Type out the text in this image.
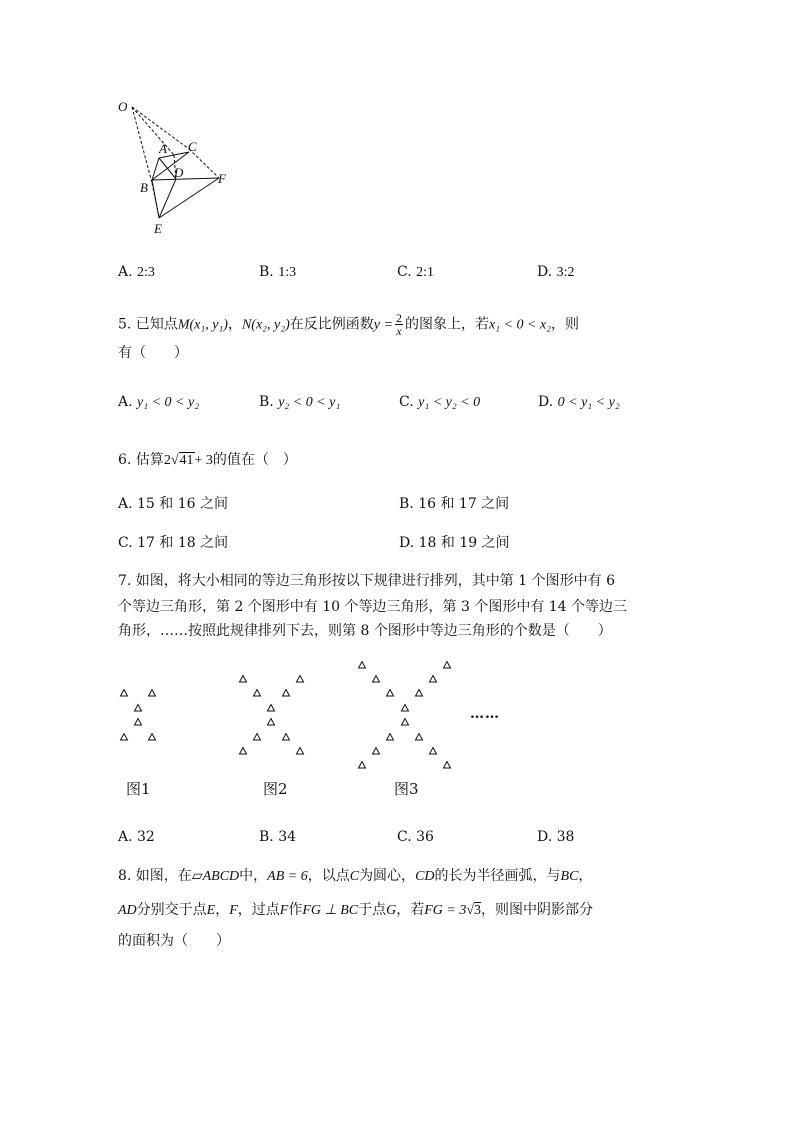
O
A C
B
D	F
E
A. 2:3	B. 1:3	C. 2:1	D. 3:2
5. 已知点M(x₁, y₁)，N(x₂, y₂)在反比例函数$y = \frac{2}{x}$ 的图象上，若x₁ < 0 < x₂，则
有（　　）
A. y₁ < 0 < y₂	B. y₂ < 0 < y₁	C. y₁ < y₂ < 0	D. 0 < y₁ < y₂
6. 估算2√41+ 3的值在（　）
A. 15 和 16 之间	B. 16 和 17 之间
C. 17 和 18 之间	D. 18 和 19 之间
7. 如图，将大小相同的等边三角形按以下规律进行排列，其中第 1 个图形中有 6
个等边三角形，第 2 个图形中有 10 个等边三角形，第 3 个图形中有 14 个等边三
角形，……按照此规律排列下去，则第 8 个图形中等边三角形的个数是（　　）
……
图1	图2	图3
A. 32	B. 34	C. 36	D. 38
8. 如图，在▱ABCD中，AB = 6，以点C为圆心，CD的长为半径画弧，与BC，
AD分别交于点E，F，过点F作FG ⊥ BC于点G，若FG = 3√3，则图中阴影部分
的面积为（　　）
